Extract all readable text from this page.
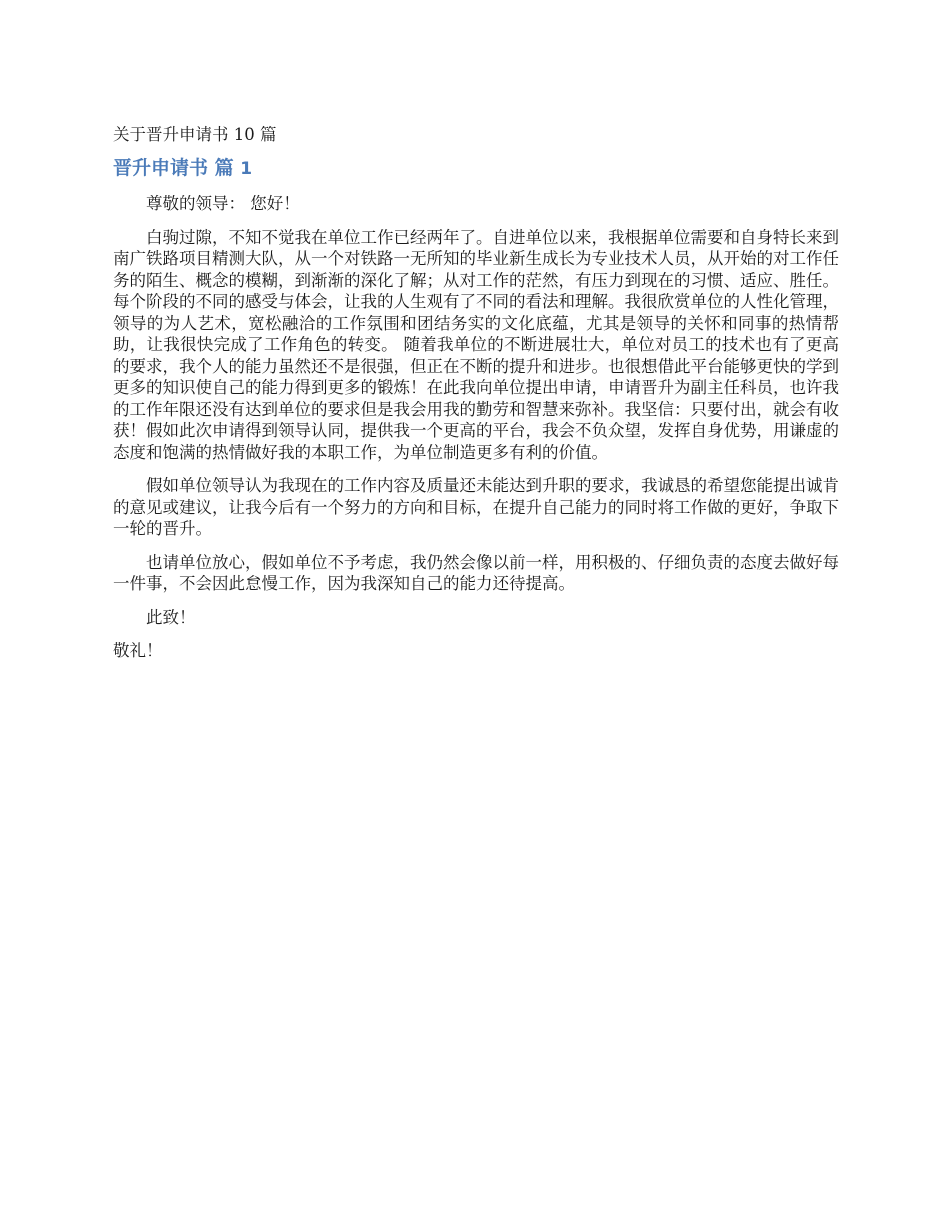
关于晋升申请书 10 篇
晋升申请书 篇 1

尊敬的领导： 您好！

白驹过隙，不知不觉我在单位工作已经两年了。自进单位以来，我根据单位需要和自身特长来到南广铁路项目精测大队，从一个对铁路一无所知的毕业新生成长为专业技术人员，从开始的对工作任务的陌生、概念的模糊，到渐渐的深化了解；从对工作的茫然，有压力到现在的习惯、适应、胜任。每个阶段的不同的感受与体会，让我的人生观有了不同的看法和理解。我很欣赏单位的人性化管理，领导的为人艺术，宽松融洽的工作氛围和团结务实的文化底蕴，尤其是领导的关怀和同事的热情帮助，让我很快完成了工作角色的转变。 随着我单位的不断进展壮大，单位对员工的技术也有了更高的要求，我个人的能力虽然还不是很强，但正在不断的提升和进步。也很想借此平台能够更快的学到更多的知识使自己的能力得到更多的锻炼！在此我向单位提出申请，申请晋升为副主任科员，也许我的工作年限还没有达到单位的要求但是我会用我的勤劳和智慧来弥补。我坚信：只要付出，就会有收获！假如此次申请得到领导认同，提供我一个更高的平台，我会不负众望，发挥自身优势，用谦虚的态度和饱满的热情做好我的本职工作，为单位制造更多有利的价值。

假如单位领导认为我现在的工作内容及质量还未能达到升职的要求，我诚恳的希望您能提出诚肯的意见或建议，让我今后有一个努力的方向和目标，在提升自己能力的同时将工作做的更好，争取下一轮的晋升。

也请单位放心，假如单位不予考虑，我仍然会像以前一样，用积极的、仔细负责的态度去做好每一件事，不会因此怠慢工作，因为我深知自己的能力还待提高。

此致！

敬礼！
